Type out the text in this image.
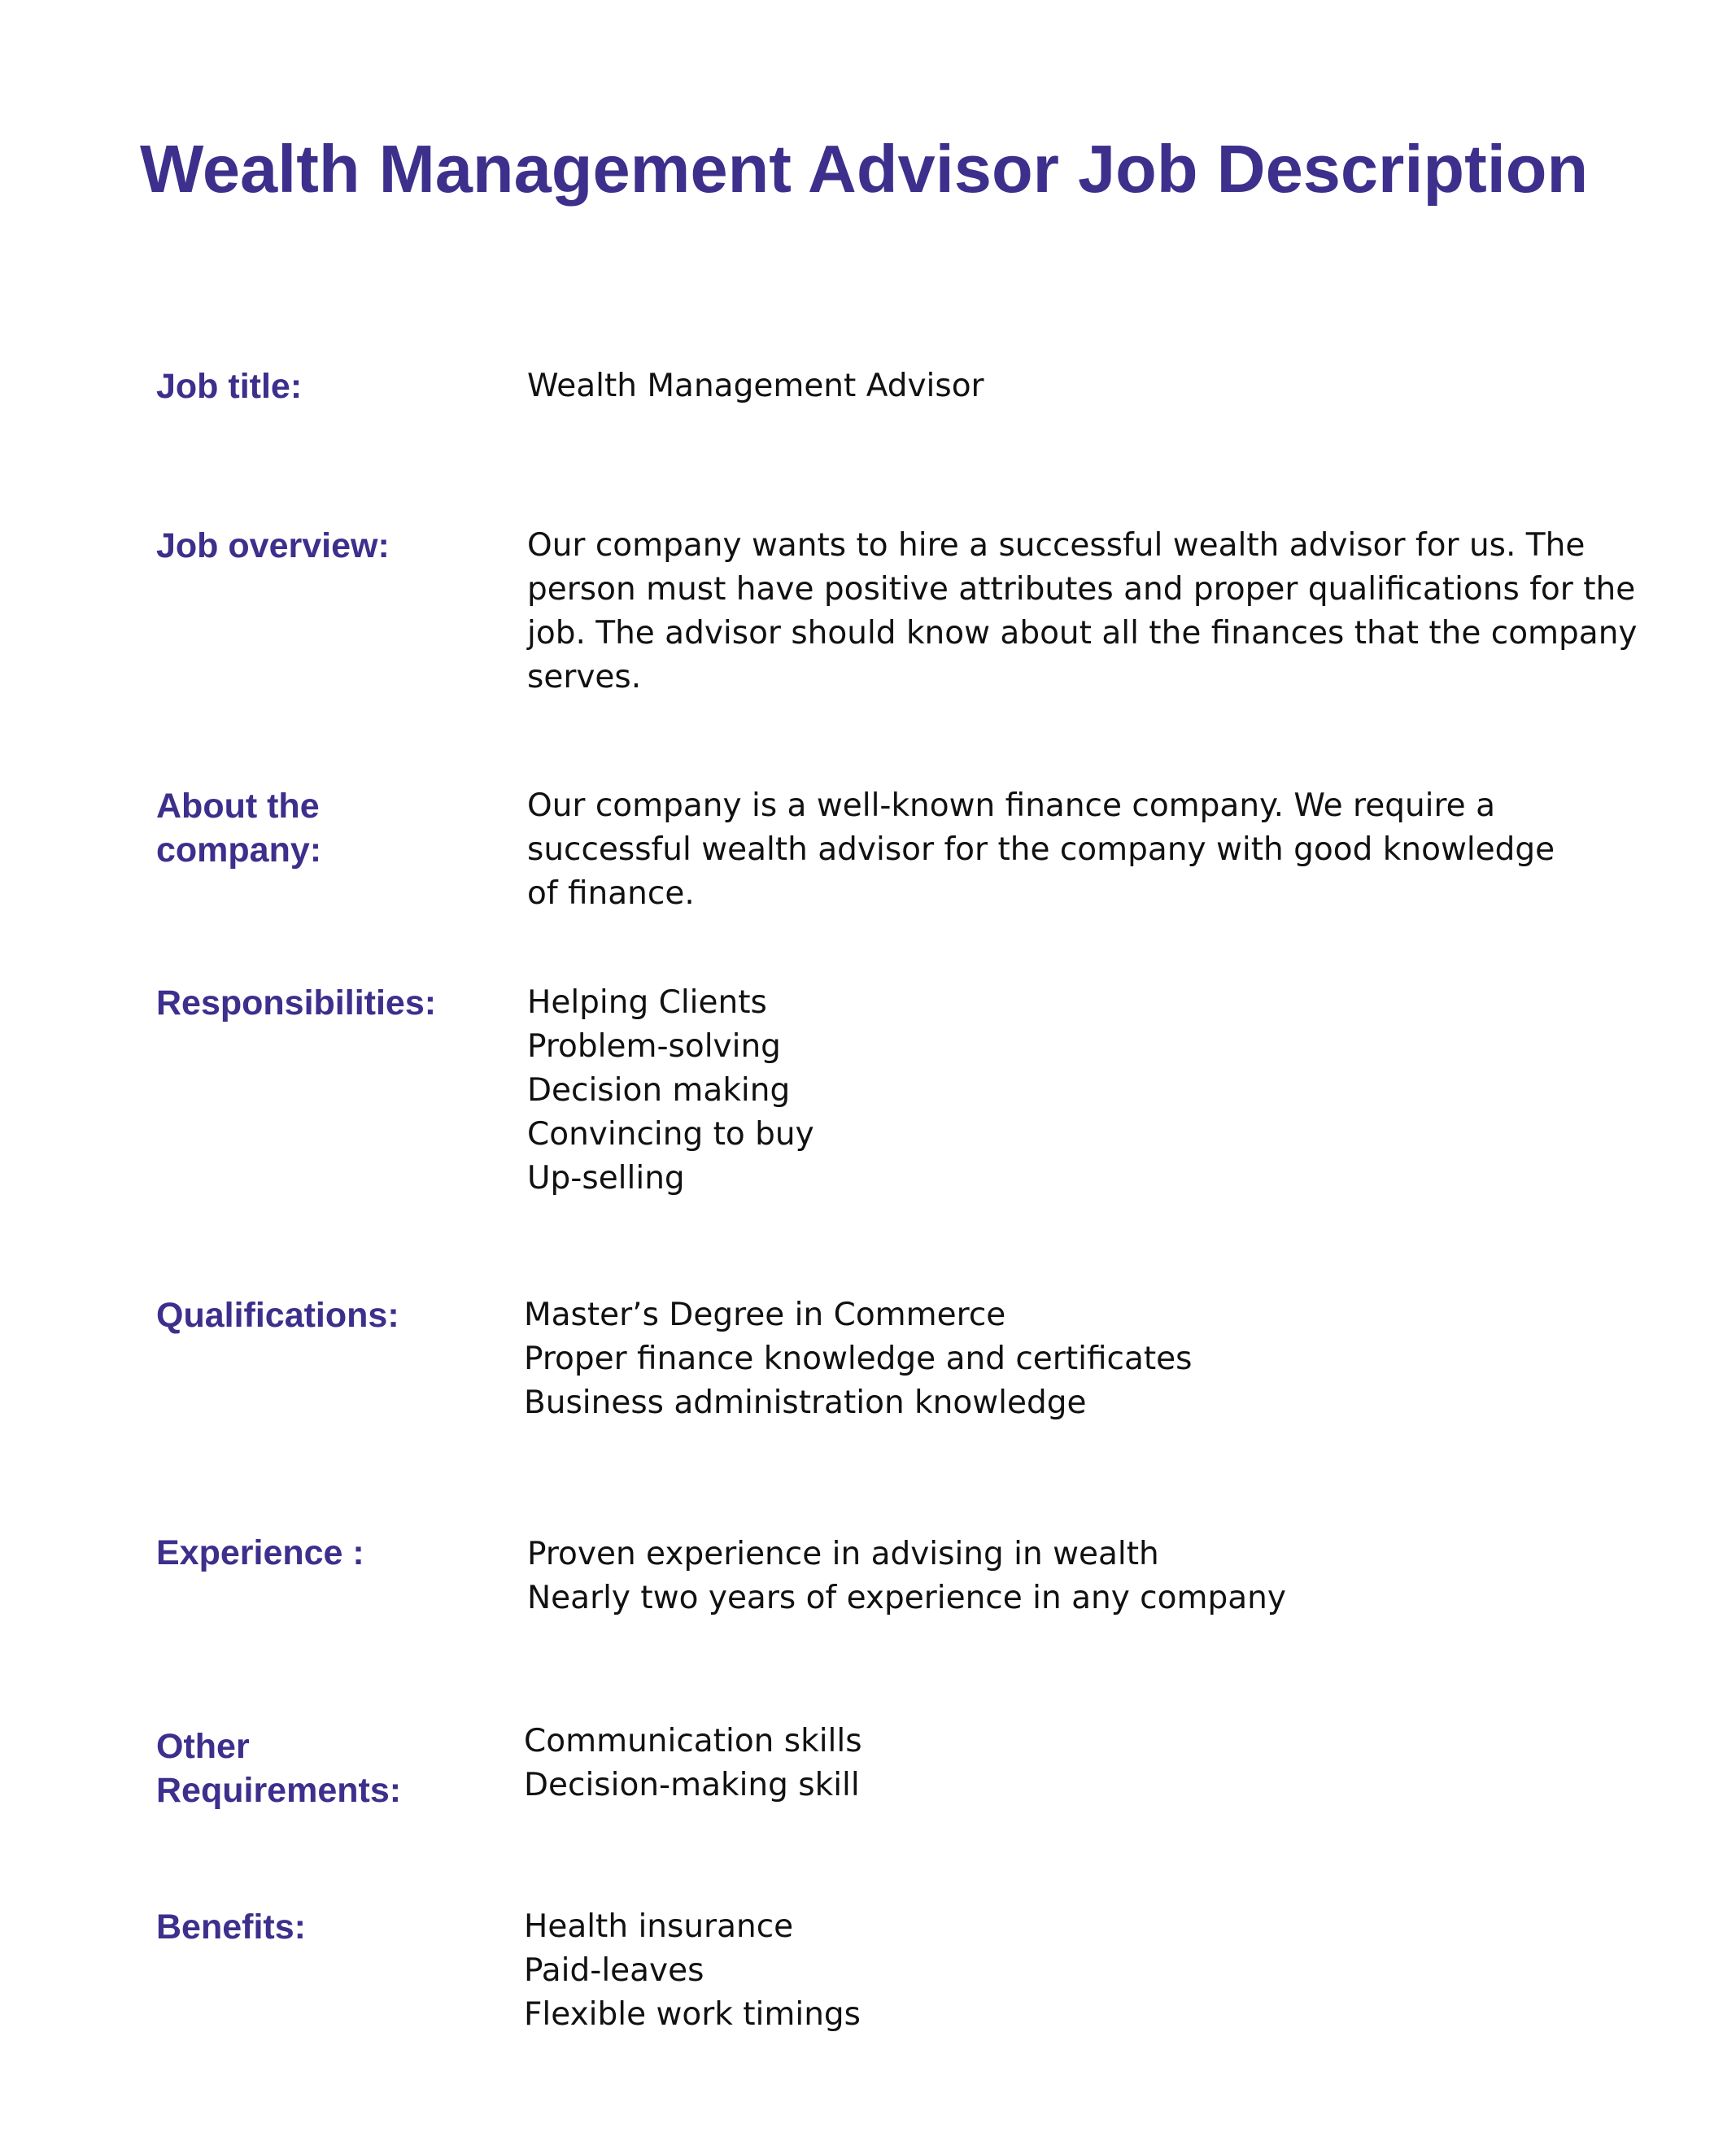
Wealth Management Advisor Job Description
Job title:	Wealth Management Advisor

Job overview:	Our company wants to hire a successful wealth advisor for us. The

person must have positive attributes and proper qualifications for the

job. The advisor should know about all the finances that the company

serves.

About the
company:

Our company is a well-known finance company. We require a

successful wealth advisor for the company with good knowledge

of finance.

Responsibilities:	Helping Clients

Problem-solving

Decision making

Convincing to buy

Up-selling

Qualifications:	Master’s Degree in Commerce

Proper finance knowledge and certificates

Business administration knowledge

Experience :	Proven experience in advising in wealth

Nearly two years of experience in any company

Other
Requirements:

Communication skills

Decision-making skill

Benefits:	Health insurance

Paid-leaves

Flexible work timings
